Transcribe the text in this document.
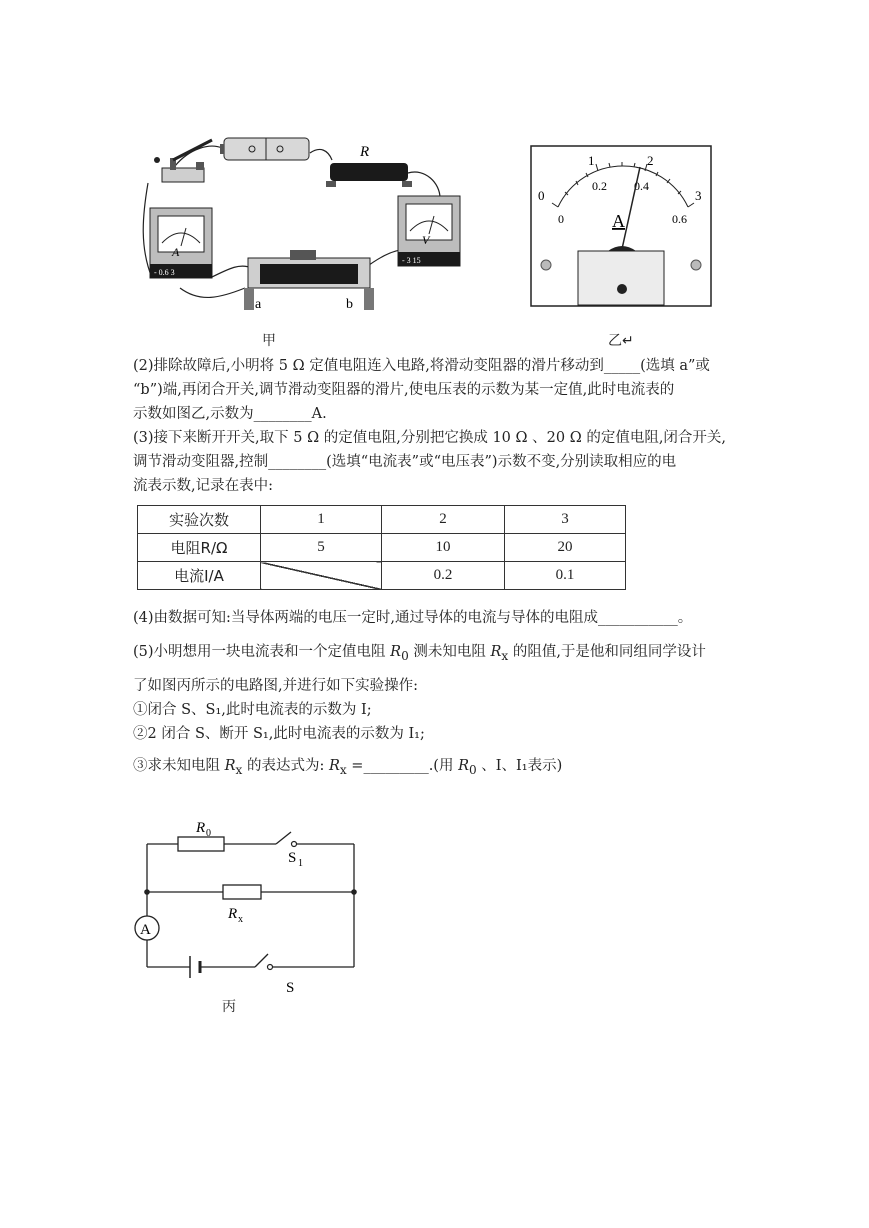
R
A
- 0.6 3
a	b
V
- 3 15
甲
0
1	2
3
0
0.2 0.4
0.6
A
乙↵
(2)排除故障后,小明将 5 Ω 定值电阻连入电路,将滑动变阻器的滑片移动到_____(选填 a”或
“b”)端,再闭合开关,调节滑动变阻器的滑片,使电压表的示数为某一定值,此时电流表的
示数如图乙,示数为________A.
(3)接下来断开开关,取下 5 Ω 的定值电阻,分别把它换成 10 Ω 、20 Ω 的定值电阻,闭合开关,
调节滑动变阻器,控制________(选填“电流表”或“电压表”)示数不变,分别读取相应的电
流表示数,记录在表中:
实验次数	1	2	3
电阻R/Ω	5	10	20
电流I/A		0.2	0.1
(4)由数据可知:当导体两端的电压一定时,通过导体的电流与导体的电阻成___________。
(5)小明想用一块电流表和一个定值电阻 $R_0$ 测未知电阻 $R_x$ 的阻值,于是他和同组同学设计
了如图丙所示的电路图,并进行如下实验操作:
①闭合 S、S₁,此时电流表的示数为 I;
②2 闭合 S、断开 S₁,此时电流表的示数为 I₁;
③求未知电阻 $R_x$ 的表达式为: $R_x$ =_________.(用 $R_0$ 、I、I₁表示)
A
R 0
S 1
R x
S
丙
